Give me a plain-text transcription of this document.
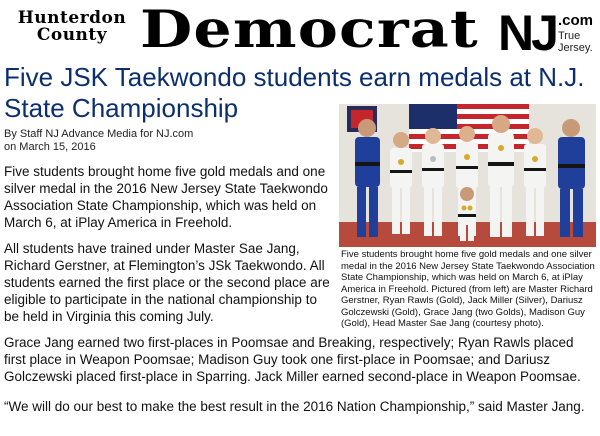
Hunterdon
County Democrat NJ .com
True
Jersey.
Five JSK Taekwondo students earn medals at N.J. State Championship
By Staff NJ Advance Media for NJ.com
on March 15, 2016

Five students brought home five gold medals and one silver medal in the 2016 New Jersey State Taekwondo Association State Championship, which was held on March 6, at iPlay America in Freehold.

All students have trained under Master Sae Jang, Richard Gerstner, at Flemington’s JSk Taekwondo. All students earned the first place or the second place are eligible to participate in the national championship to be held in Virginia this coming July.

Five students brought home five gold medals and one silver medal in the 2016 New Jersey State Taekwondo Association State Championship, which was held on March 6, at iPlay America in Freehold. Pictured (from left) are Master Richard Gerstner, Ryan Rawls (Gold), Jack Miller (Silver), Dariusz Golczewski (Gold), Grace Jang (two Golds), Madison Guy (Gold), Head Master Sae Jang (courtesy photo).

Grace Jang earned two first-places in Poomsae and Breaking, respectively; Ryan Rawls placed first place in Weapon Poomsae; Madison Guy took one first-place in Poomsae; and Dariusz Golczewski placed first-place in Sparring. Jack Miller earned second-place in Weapon Poomsae.

“We will do our best to make the best result in the 2016 Nation Championship,” said Master Jang.
